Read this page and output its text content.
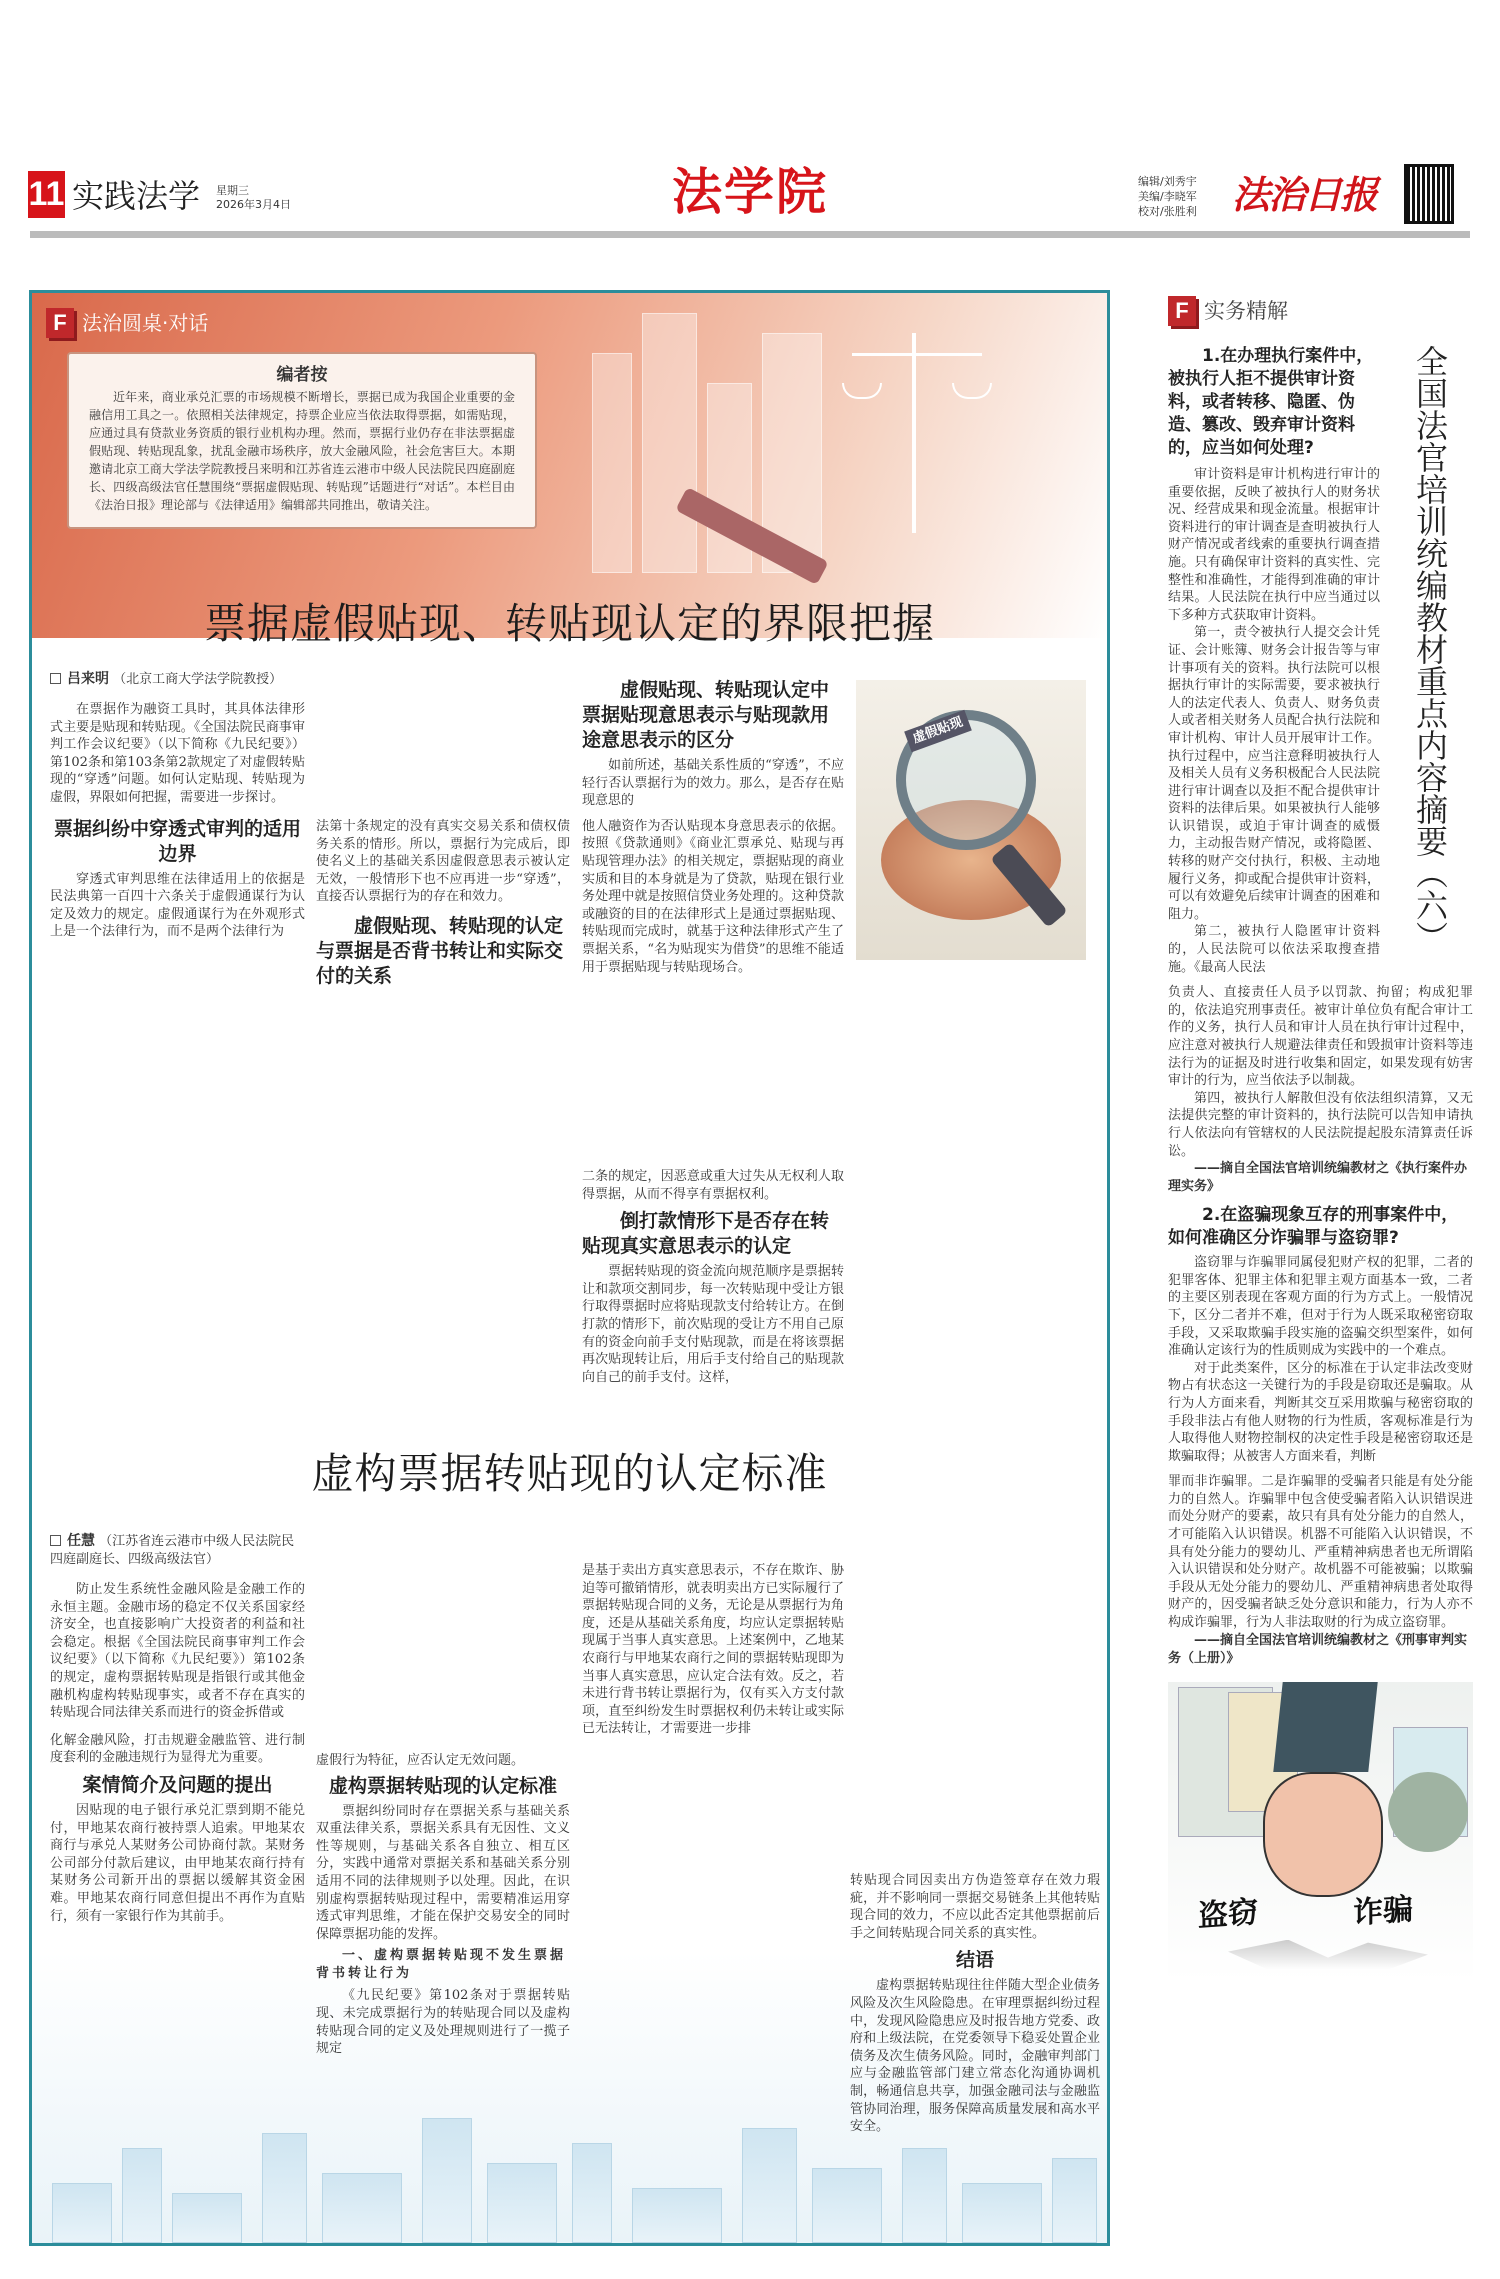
11 实践法学 星期三
2026年3月4日	法学院	编辑/刘秀宇
美编/李晓军
校对/张胜利 法治日报
F 法治圆桌·对话
编者按
近年来，商业承兑汇票的市场规模不断增长，票据已成为我国企业重要的金融信用工具之一。依照相关法律规定，持票企业应当依法取得票据，如需贴现，应通过具有贷款业务资质的银行业机构办理。然而，票据行业仍存在非法票据虚假贴现、转贴现乱象，扰乱金融市场秩序，放大金融风险，社会危害巨大。本期邀请北京工商大学法学院教授吕来明和江苏省连云港市中级人民法院民四庭副庭长、四级高级法官任慧围绕“票据虚假贴现、转贴现”话题进行“对话”。本栏目由《法治日报》理论部与《法律适用》编辑部共同推出，敬请关注。
票据虚假贴现、转贴现认定的界限把握
吕来明 （北京工商大学法学院教授）
在票据作为融资工具时，其具体法律形式主要是贴现和转贴现。《全国法院民商事审判工作会议纪要》（以下简称《九民纪要》）第102条和第103条第2款规定了对虚假转贴现的“穿透”问题。如何认定贴现、转贴现为虚假，界限如何把握，需要进一步探讨。
票据纠纷中穿透式审判的适用边界
穿透式审判思维在法律适用上的依据是民法典第一百四十六条关于虚假通谋行为认定及效力的规定。虚假通谋行为在外观形式上是一个法律行为，而不是两个法律行为
法第十条规定的没有真实交易关系和债权债务关系的情形。所以，票据行为完成后，即使名义上的基础关系因虚假意思表示被认定无效，一般情形下也不应再进一步“穿透”，直接否认票据行为的存在和效力。
虚假贴现、转贴现的认定与票据是否背书转让和实际交付的关系
虚假贴现、转贴现认定中票据贴现意思表示与贴现款用途意思表示的区分
如前所述，基础关系性质的“穿透”，不应轻行否认票据行为的效力。那么，是否存在贴现意思的
他人融资作为否认贴现本身意思表示的依据。按照《贷款通则》《商业汇票承兑、贴现与再贴现管理办法》的相关规定，票据贴现的商业实质和目的本身就是为了贷款，贴现在银行业务处理中就是按照信贷业务处理的。这种贷款或融资的目的在法律形式上是通过票据贴现、转贴现而完成时，就基于这种法律形式产生了票据关系，“名为贴现实为借贷”的思维不能适用于票据贴现与转贴现场合。
二条的规定，因恶意或重大过失从无权利人取得票据，从而不得享有票据权利。
倒打款情形下是否存在转贴现真实意思表示的认定
票据转贴现的资金流向规范顺序是票据转让和款项交割同步，每一次转贴现中受让方银行取得票据时应将贴现款支付给转让方。在倒打款的情形下，前次贴现的受让方不用自己原有的资金向前手支付贴现款，而是在将该票据再次贴现转让后，用后手支付给自己的贴现款向自己的前手支付。这样，
虚假贴现
虚构票据转贴现的认定标准
任慧 （江苏省连云港市中级人民法院民四庭副庭长、四级高级法官）
防止发生系统性金融风险是金融工作的永恒主题。金融市场的稳定不仅关系国家经济安全，也直接影响广大投资者的利益和社会稳定。根据《全国法院民商事审判工作会议纪要》（以下简称《九民纪要》）第102条的规定，虚构票据转贴现是指银行或其他金融机构虚构转贴现事实，或者不存在真实的转贴现合同法律关系而进行的资金拆借或
化解金融风险，打击规避金融监管、进行制度套利的金融违规行为显得尤为重要。
案情简介及问题的提出
因贴现的电子银行承兑汇票到期不能兑付，甲地某农商行被持票人追索。甲地某农商行与承兑人某财务公司协商付款。某财务公司部分付款后建议，由甲地某农商行持有某财务公司新开出的票据以缓解其资金困难。甲地某农商行同意但提出不再作为直贴行，须有一家银行作为其前手。
虚假行为特征，应否认定无效问题。
虚构票据转贴现的认定标准
票据纠纷同时存在票据关系与基础关系双重法律关系，票据关系具有无因性、文义性等规则，与基础关系各自独立、相互区分，实践中通常对票据关系和基础关系分别适用不同的法律规则予以处理。因此，在识别虚构票据转贴现过程中，需要精准运用穿透式审判思维，才能在保护交易安全的同时保障票据功能的发挥。
一、虚构票据转贴现不发生票据背书转让行为
《九民纪要》第102条对于票据转贴现、未完成票据行为的转贴现合同以及虚构转贴现合同的定义及处理规则进行了一揽子规定
是基于卖出方真实意思表示，不存在欺诈、胁迫等可撤销情形，就表明卖出方已实际履行了票据转贴现合同的义务，无论是从票据行为角度，还是从基础关系角度，均应认定票据转贴现属于当事人真实意思。上述案例中，乙地某农商行与甲地某农商行之间的票据转贴现即为当事人真实意思，应认定合法有效。反之，若未进行背书转让票据行为，仅有买入方支付款项，直至纠纷发生时票据权利仍未转让或实际已无法转让，才需要进一步排
转贴现合同因卖出方伪造签章存在效力瑕疵，并不影响同一票据交易链条上其他转贴现合同的效力，不应以此否定其他票据前后手之间转贴现合同关系的真实性。
结语
虚构票据转贴现往往伴随大型企业债务风险及次生风险隐患。在审理票据纠纷过程中，发现风险隐患应及时报告地方党委、政府和上级法院，在党委领导下稳妥处置企业债务及次生债务风险。同时，金融审判部门应与金融监管部门建立常态化沟通协调机制，畅通信息共享，加强金融司法与金融监管协同治理，服务保障高质量发展和高水平安全。
F 实务精解
全国法官培训统编教材重点内容摘要（六）
1.在办理执行案件中，被执行人拒不提供审计资料，或者转移、隐匿、伪造、篡改、毁弃审计资料的，应当如何处理?
审计资料是审计机构进行审计的重要依据，反映了被执行人的财务状况、经营成果和现金流量。根据审计资料进行的审计调查是查明被执行人财产情况或者线索的重要执行调查措施。只有确保审计资料的真实性、完整性和准确性，才能得到准确的审计结果。人民法院在执行中应当通过以下多种方式获取审计资料。
第一，责令被执行人提交会计凭证、会计账簿、财务会计报告等与审计事项有关的资料。执行法院可以根据执行审计的实际需要，要求被执行人的法定代表人、负责人、财务负责人或者相关财务人员配合执行法院和审计机构、审计人员开展审计工作。执行过程中，应当注意释明被执行人及相关人员有义务积极配合人民法院进行审计调查以及拒不配合提供审计资料的法律后果。如果被执行人能够认识错误，或迫于审计调查的威慑力，主动报告财产情况，或将隐匿、转移的财产交付执行，积极、主动地履行义务，抑或配合提供审计资料，可以有效避免后续审计调查的困难和阻力。
第二，被执行人隐匿审计资料的，人民法院可以依法采取搜查措施。《最高人民法
负责人、直接责任人员予以罚款、拘留；构成犯罪的，依法追究刑事责任。被审计单位负有配合审计工作的义务，执行人员和审计人员在执行审计过程中，应注意对被执行人规避法律责任和毁损审计资料等违法行为的证据及时进行收集和固定，如果发现有妨害审计的行为，应当依法予以制裁。
第四，被执行人解散但没有依法组织清算，又无法提供完整的审计资料的，执行法院可以告知申请执行人依法向有管辖权的人民法院提起股东清算责任诉讼。
——摘自全国法官培训统编教材之《执行案件办理实务》
2.在盗骗现象互存的刑事案件中，如何准确区分诈骗罪与盗窃罪?
盗窃罪与诈骗罪同属侵犯财产权的犯罪，二者的犯罪客体、犯罪主体和犯罪主观方面基本一致，二者的主要区别表现在客观方面的行为方式上。一般情况下，区分二者并不难，但对于行为人既采取秘密窃取手段，又采取欺骗手段实施的盗骗交织型案件，如何准确认定该行为的性质则成为实践中的一个难点。
对于此类案件，区分的标准在于认定非法改变财物占有状态这一关键行为的手段是窃取还是骗取。从行为人方面来看，判断其交互采用欺骗与秘密窃取的手段非法占有他人财物的行为性质，客观标准是行为人取得他人财物控制权的决定性手段是秘密窃取还是欺骗取得；从被害人方面来看，判断
罪而非诈骗罪。二是诈骗罪的受骗者只能是有处分能力的自然人。诈骗罪中包含使受骗者陷入认识错误进而处分财产的要素，故只有具有处分能力的自然人，才可能陷入认识错误。机器不可能陷入认识错误，不具有处分能力的婴幼儿、严重精神病患者也无所谓陷入认识错误和处分财产。故机器不可能被骗；以欺骗手段从无处分能力的婴幼儿、严重精神病患者处取得财产的，因受骗者缺乏处分意识和能力，行为人亦不构成诈骗罪，行为人非法取财的行为成立盗窃罪。
——摘自全国法官培训统编教材之《刑事审判实务（上册）》
盗窃	诈骗
